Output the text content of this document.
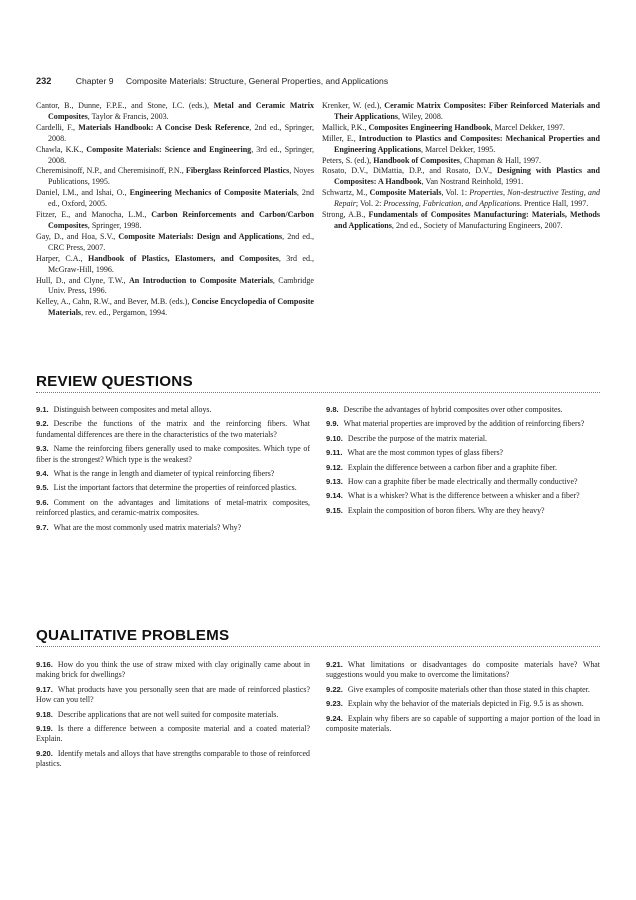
232	Chapter 9 Composite Materials: Structure, General Properties, and Applications
Cantor, B., Dunne, F.P.E., and Stone, I.C. (eds.), Metal and Ceramic Matrix Composites, Taylor & Francis, 2003.
Cardelli, F., Materials Handbook: A Concise Desk Reference, 2nd ed., Springer, 2008.
Chawla, K.K., Composite Materials: Science and Engineering, 3rd ed., Springer, 2008.
Cheremisinoff, N.P., and Cheremisinoff, P.N., Fiberglass Reinforced Plastics, Noyes Publications, 1995.
Daniel, I.M., and Ishai, O., Engineering Mechanics of Composite Materials, 2nd ed., Oxford, 2005.
Fitzer, E., and Manocha, L.M., Carbon Reinforcements and Carbon/Carbon Composites, Springer, 1998.
Gay, D., and Hoa, S.V., Composite Materials: Design and Applications, 2nd ed., CRC Press, 2007.
Harper, C.A., Handbook of Plastics, Elastomers, and Composites, 3rd ed., McGraw-Hill, 1996.
Hull, D., and Clyne, T.W., An Introduction to Composite Materials, Cambridge Univ. Press, 1996.
Kelley, A., Cahn, R.W., and Bever, M.B. (eds.), Concise Encyclopedia of Composite Materials, rev. ed., Pergamon, 1994.
Krenker, W. (ed.), Ceramic Matrix Composites: Fiber Reinforced Materials and Their Applications, Wiley, 2008.
Mallick, P.K., Composites Engineering Handbook, Marcel Dekker, 1997.
Miller, E., Introduction to Plastics and Composites: Mechanical Properties and Engineering Applications, Marcel Dekker, 1995.
Peters, S. (ed.), Handbook of Composites, Chapman & Hall, 1997.
Rosato, D.V., DiMattia, D.P., and Rosato, D.V., Designing with Plastics and Composites: A Handbook, Van Nostrand Reinhold, 1991.
Schwartz, M., Composite Materials, Vol. 1: Properties, Non-destructive Testing, and Repair; Vol. 2: Processing, Fabrication, and Applications. Prentice Hall, 1997.
Strong, A.B., Fundamentals of Composites Manufacturing: Materials, Methods and Applications, 2nd ed., Society of Manufacturing Engineers, 2007.
REVIEW QUESTIONS
9.1. Distinguish between composites and metal alloys.
9.2. Describe the functions of the matrix and the reinforcing fibers. What fundamental differences are there in the characteristics of the two materials?
9.3. Name the reinforcing fibers generally used to make composites. Which type of fiber is the strongest? Which type is the weakest?
9.4. What is the range in length and diameter of typical reinforcing fibers?
9.5. List the important factors that determine the properties of reinforced plastics.
9.6. Comment on the advantages and limitations of metal-matrix composites, reinforced plastics, and ceramic-matrix composites.
9.7. What are the most commonly used matrix materials? Why?
9.8. Describe the advantages of hybrid composites over other composites.
9.9. What material properties are improved by the addition of reinforcing fibers?
9.10. Describe the purpose of the matrix material.
9.11. What are the most common types of glass fibers?
9.12. Explain the difference between a carbon fiber and a graphite fiber.
9.13. How can a graphite fiber be made electrically and thermally conductive?
9.14. What is a whisker? What is the difference between a whisker and a fiber?
9.15. Explain the composition of boron fibers. Why are they heavy?
QUALITATIVE PROBLEMS
9.16. How do you think the use of straw mixed with clay originally came about in making brick for dwellings?
9.17. What products have you personally seen that are made of reinforced plastics? How can you tell?
9.18. Describe applications that are not well suited for composite materials.
9.19. Is there a difference between a composite material and a coated material? Explain.
9.20. Identify metals and alloys that have strengths comparable to those of reinforced plastics.
9.21. What limitations or disadvantages do composite materials have? What suggestions would you make to overcome the limitations?
9.22. Give examples of composite materials other than those stated in this chapter.
9.23. Explain why the behavior of the materials depicted in Fig. 9.5 is as shown.
9.24. Explain why fibers are so capable of supporting a major portion of the load in composite materials.
